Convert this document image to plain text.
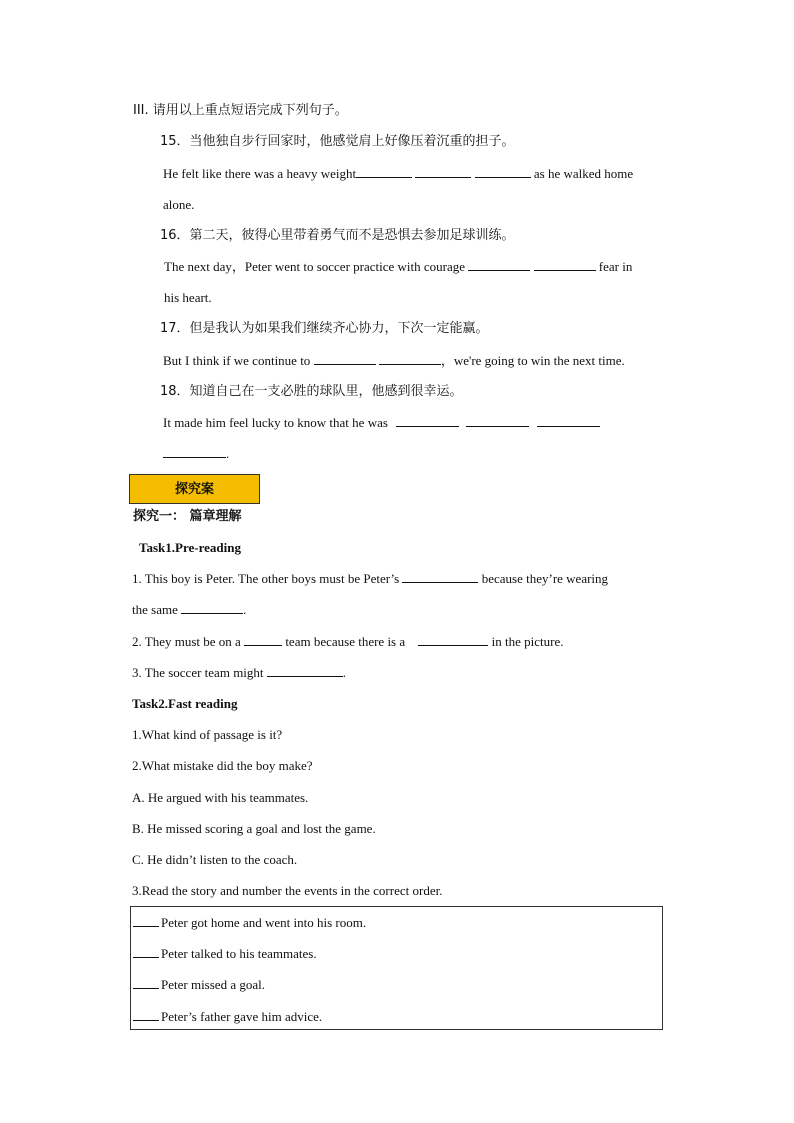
III. 请用以上重点短语完成下列句子。
15．当他独自步行回家时，他感觉肩上好像压着沉重的担子。
He felt like there was a heavy weight	as he walked home
alone.
16．第二天，彼得心里带着勇气而不是恐惧去参加足球训练。
The next day，Peter went to soccer practice with courage	fear in
his heart.
17．但是我认为如果我们继续齐心协力，下次一定能赢。
But I think if we continue to	，we're going to win the next time.
18．知道自己在一支必胜的球队里，他感到很幸运。
It made him feel lucky to know that he was
.
探究案
探究一： 篇章理解
Task1.Pre-reading
1. This boy is Peter. The other boys must be Peter’s	because they’re wearing
the same	.
2. They must be on a	team because there is a	in the picture.
3. The soccer team might	.
Task2.Fast reading
1.What kind of passage is it?
2.What mistake did the boy make?
A. He argued with his teammates.
B. He missed scoring a goal and lost the game.
C. He didn’t listen to the coach.
3.Read the story and number the events in the correct order.
Peter got home and went into his room.
Peter talked to his teammates.
Peter missed a goal.
Peter’s father gave him advice.
